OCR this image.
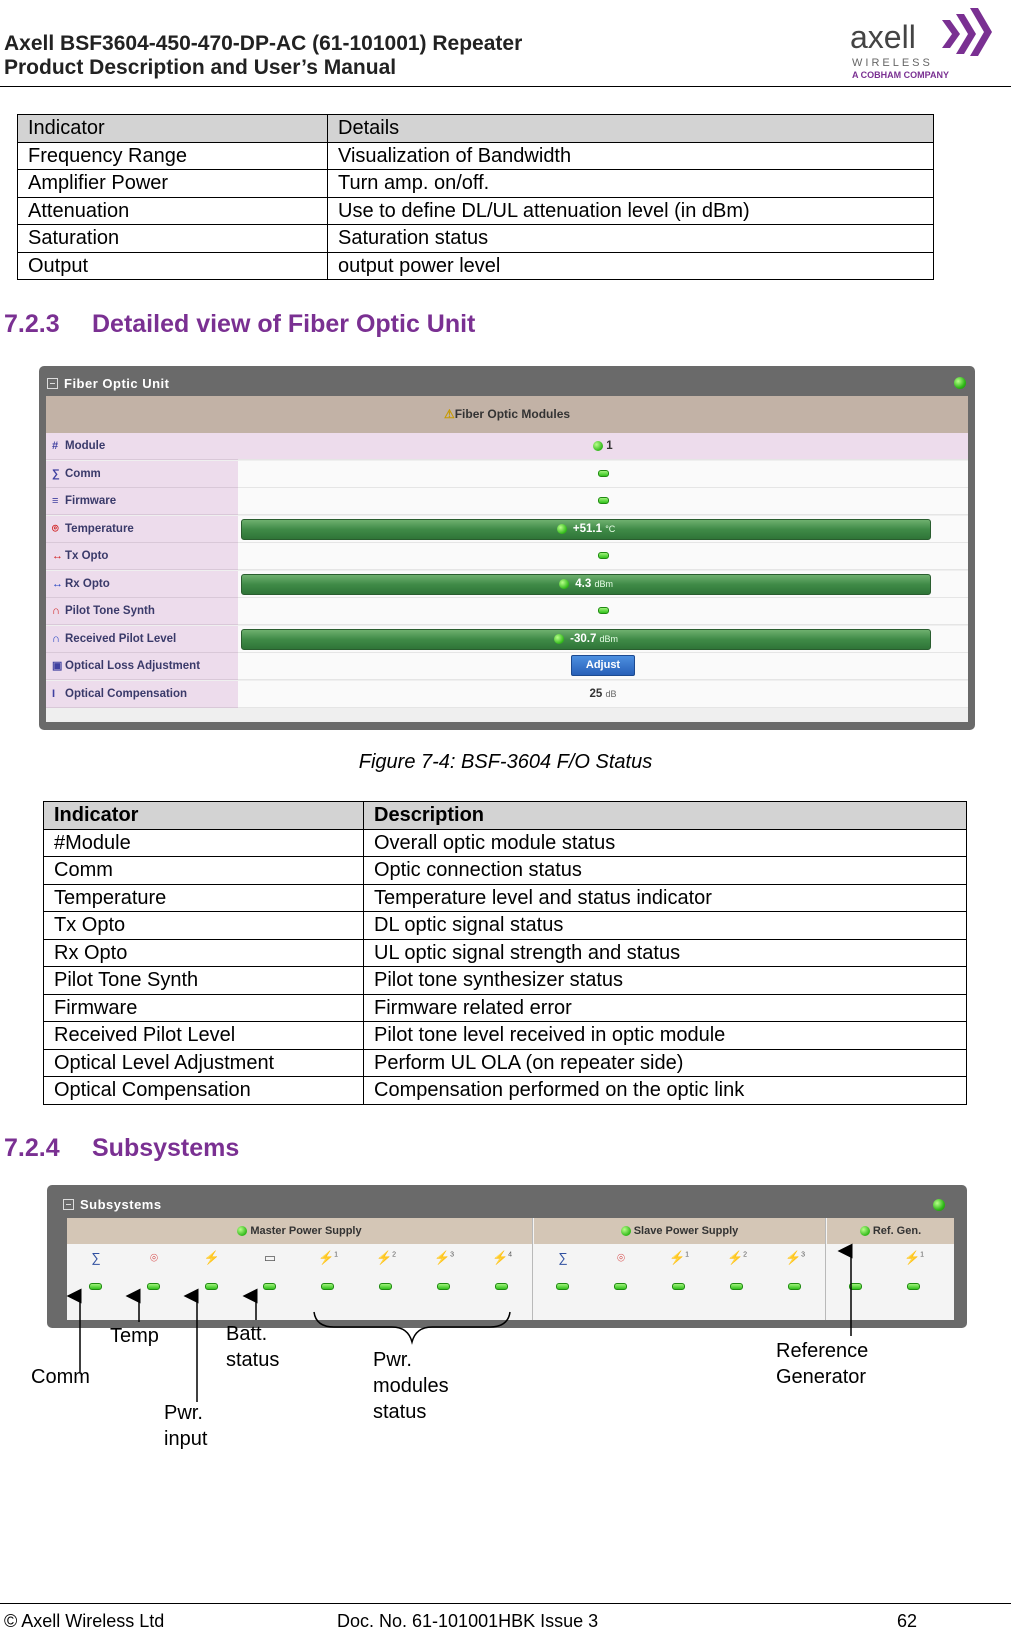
Axell BSF3604-450-470-DP-AC (61-101001) Repeater
Product Description and User’s Manual
axell
WIRELESS
A COBHAM COMPANY
Indicator	Details
Frequency Range	Visualization of Bandwidth
Amplifier Power	Turn amp. on/off.
Attenuation	Use to define DL/UL attenuation level (in dBm)
Saturation	Saturation status
Output	output power level
7.2.3 Detailed view of Fiber Optic Unit
Fiber Optic Unit
⚠Fiber Optic Modules
# Module	1
∑ Comm
≡ Firmware
⌾ Temperature	+51.1 °C
↔ Tx Opto
↔ Rx Opto	4.3 dBm
∩ Pilot Tone Synth
∩ Received Pilot Level	-30.7 dBm
▣ Optical Loss Adjustment	Adjust
I Optical Compensation	25 dB
Figure 7-4: BSF-3604 F/O Status
Indicator	Description
#Module	Overall optic module status
Comm	Optic connection status
Temperature	Temperature level and status indicator
Tx Opto	DL optic signal status
Rx Opto	UL optic signal strength and status
Pilot Tone Synth	Pilot tone synthesizer status
Firmware	Firmware related error
Received Pilot Level	Pilot tone level received in optic module
Optical Level Adjustment	Perform UL OLA (on repeater side)
Optical Compensation	Compensation performed on the optic link
7.2.4 Subsystems
Subsystems
Master Power Supply
∑	⌾	⚡	▭	⚡$^1$	⚡$^2$	⚡$^3$	⚡$^4$
Slave Power Supply
∑	⌾	⚡$^1$	⚡$^2$	⚡$^3$
Ref. Gen.
⚡$^1$
Comm
Temp
Pwr.
input
Batt.
status	Pwr.
modules
status
Reference
Generator
© Axell Wireless Ltd	Doc. No. 61-101001HBK Issue 3	62
